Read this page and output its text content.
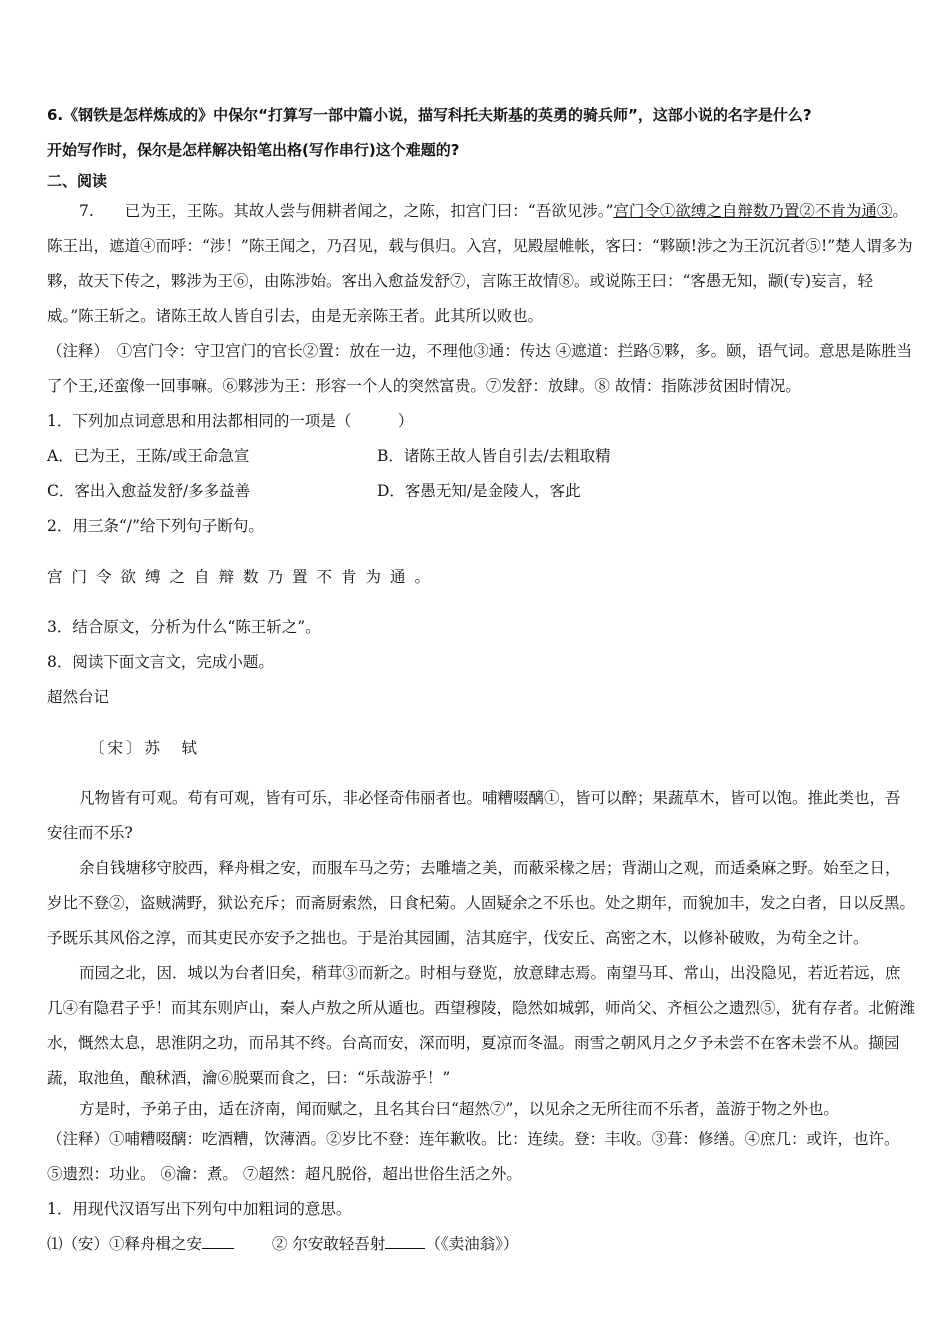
6.《钢铁是怎样炼成的》中保尔“打算写一部中篇小说，描写科托夫斯基的英勇的骑兵师”，这部小说的名字是什么?

开始写作时，保尔是怎样解决铅笔出格(写作串行)这个难题的?

二、阅读

7.　　已为王，王陈。其故人尝与佣耕者闻之，之陈，扣宫门曰：“吾欲见涉。”宫门令①欲缚之自辩数乃置②不肯为通③。陈王出，遮道④而呼：“涉！”陈王闻之，乃召见，载与俱归。入宫，见殿屋帷帐，客曰：“夥颐!涉之为王沉沉者⑤!”楚人谓多为夥，故天下传之，夥涉为王⑥，由陈涉始。客出入愈益发舒⑦，言陈王故情⑧。或说陈王曰：“客愚无知，颛(专)妄言，轻威。”陈王斩之。诸陈王故人皆自引去，由是无亲陈王者。此其所以败也。

（注释）　①宫门令：守卫宫门的官长②置：放在一边，不理他③通：传达 ④遮道：拦路⑤夥，多。颐，语气词。意思是陈胜当了个王,还蛮像一回事嘛。⑥夥涉为王：形容一个人的突然富贵。⑦发舒：放肆。⑧ 故情：指陈涉贫困时情况。

1．下列加点词意思和用法都相同的一项是（　　　）

A．已为王，王陈/或王命急宣	B．诸陈王故人皆自引去/去粗取精
C．客出入愈益发舒/多多益善	D．客愚无知/是金陵人，客此

2．用三条“/”给下列句子断句。

宫门令欲缚之自辩数乃置不肯为通。

3．结合原文，分析为什么“陈王斩之”。

8．阅读下面文言文，完成小题。

超然台记

〔宋〕苏　轼

凡物皆有可观。苟有可观，皆有可乐，非必怪奇伟丽者也。哺糟啜醨①，皆可以醉；果蔬草木，皆可以饱。推此类也，吾安往而不乐?

余自钱塘移守胶西，释舟楫之安，而服车马之劳；去雕墙之美，而蔽采椽之居；背湖山之观，而适桑麻之野。始至之日，岁比不登②，盗贼满野，狱讼充斥；而斋厨索然，日食杞菊。人固疑余之不乐也。处之期年，而貌加丰，发之白者，日以反黑。予既乐其风俗之淳，而其吏民亦安予之拙也。于是治其园圃，洁其庭宇，伐安丘、高密之木，以修补破败，为苟全之计。

而园之北，因．城以为台者旧矣，稍茸③而新之。时相与登览，放意肆志焉。南望马耳、常山，出没隐见，若近若远，庶几④有隐君子乎！而其东则庐山，秦人卢敖之所从遁也。西望穆陵，隐然如城郭，师尚父、齐桓公之遗烈⑤，犹有存者。北俯潍水，慨然太息，思淮阴之功，而吊其不终。台高而安，深而明，夏凉而冬温。雨雪之朝风月之夕予未尝不在客未尝不从。撷园蔬，取池鱼，酿秫酒，瀹⑥脱粟而食之，曰：“乐哉游乎！”

方是时，予弟子由，适在济南，闻而赋之，且名其台曰“超然⑦”，以见余之无所往而不乐者，盖游于物之外也。

（注释）①哺糟啜醨：吃酒糟，饮薄酒。②岁比不登：连年歉收。比：连续。登：丰收。③葺：修缮。④庶几：或许，也许。 ⑤遗烈：功业。 ⑥瀹：煮。 ⑦超然：超凡脱俗，超出世俗生活之外。

1．用现代汉语写出下列句中加粗词的意思。

⑴（安）①释舟楫之安	② 尔安敢轻吾射	（《卖油翁》）
